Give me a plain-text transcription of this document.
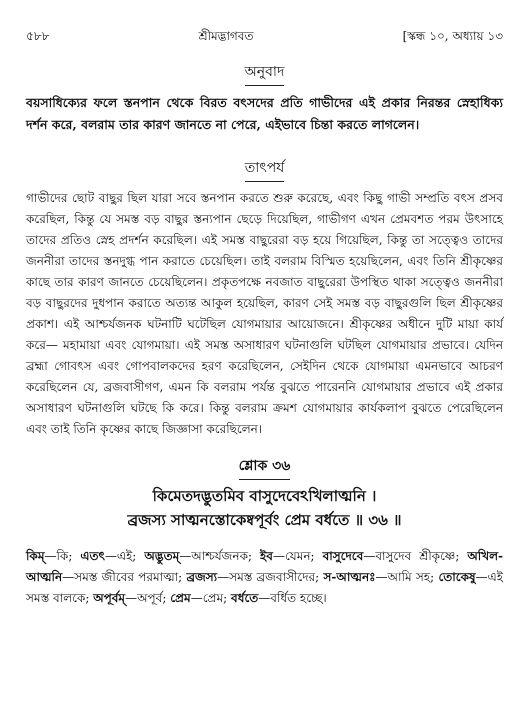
৫৮৮	শ্রীমদ্ভাগবত	[স্কন্ধ ১০, অধ্যায় ১৩
অনুবাদ

বয়সাধিক্যের ফলে স্তনপান থেকে বিরত বৎসদের প্রতি গাভীদের এই প্রকার নিরন্তর স্নেহাধিক্য দর্শন করে, বলরাম তার কারণ জানতে না পেরে, এইভাবে চিন্তা করতে লাগলেন।

তাৎপর্য

গাভীদের ছোট বাছুর ছিল যারা সবে স্তনপান করতে শুরু করেছে, এবং কিছু গাভী সম্প্রতি বৎস প্রসব করেছিল, কিন্তু যে সমস্ত বড় বাছুর স্তন্যপান ছেড়ে দিয়েছিল, গাভীগণ এখন প্রেমবশত পরম উৎসাহে তাদের প্রতিও স্নেহ প্রদর্শন করেছিল। এই সমস্ত বাছুরেরা বড় হয়ে গিয়েছিল, কিন্তু তা সত্ত্বেও তাদের জননীরা তাদের স্তনদুগ্ধ পান করাতে চেয়েছিল। তাই বলরাম বিস্মিত হয়েছিলেন, এবং তিনি শ্রীকৃষ্ণের কাছে তার কারণ জানতে চেয়েছিলেন। প্রকৃতপক্ষে নবজাত বাছুরেরা উপস্থিত থাকা সত্ত্বেও জননীরা বড় বাছুরদের দুধপান করাতে অত্যন্ত আকুল হয়েছিল, কারণ সেই সমস্ত বড় বাছুরগুলি ছিল শ্রীকৃষ্ণের প্রকাশ। এই আশ্চর্যজনক ঘটনাটি ঘটেছিল যোগমায়ার আয়োজনে। শ্রীকৃষ্ণের অধীনে দুটি মায়া কার্য করে— মহামায়া এবং যোগমায়া। এই সমস্ত অসাধারণ ঘটনাগুলি ঘটছিল যোগমায়ার প্রভাবে। যেদিন ব্রহ্মা গোবৎস এবং গোপবালকদের হরণ করেছিলেন, সেইদিন থেকে যোগমায়া এমনভাবে আচরণ করেছিলেন যে, ব্রজবাসীগণ, এমন কি বলরাম পর্যন্ত বুঝতে পারেননি যোগমায়ার প্রভাবে এই প্রকার অসাধারণ ঘটনাগুলি ঘটছে কি করে। কিন্তু বলরাম ক্রমশ যোগমায়ার কার্যকলাপ বুঝতে পেরেছিলেন এবং তাই তিনি কৃষ্ণের কাছে জিজ্ঞাসা করেছিলেন।

শ্লোক ৩৬

কিমেতদদ্ভুতমিব বাসুদেবেঽখিলাত্মনি ।

ব্রজস্য সাত্মনস্তোকেষ্বপূর্বং প্রেম বর্ধতে ॥ ৩৬ ॥

কিম্—কি; এতৎ—এই; অদ্ভুতম্—আশ্চর্যজনক; ইব—যেমন; বাসুদেবে—বাসুদেব শ্রীকৃষ্ণে; অখিল-আত্মনি—সমস্ত জীবের পরমাত্মা; ব্রজস্য—সমস্ত ব্রজবাসীদের; স-আত্মনঃ—আমি সহ; তোকেষু—এই সমস্ত বালকে; অপূর্বম্—অপূর্ব; প্রেম—প্রেম; বর্ধতে—বর্ধিত হচ্ছে।
